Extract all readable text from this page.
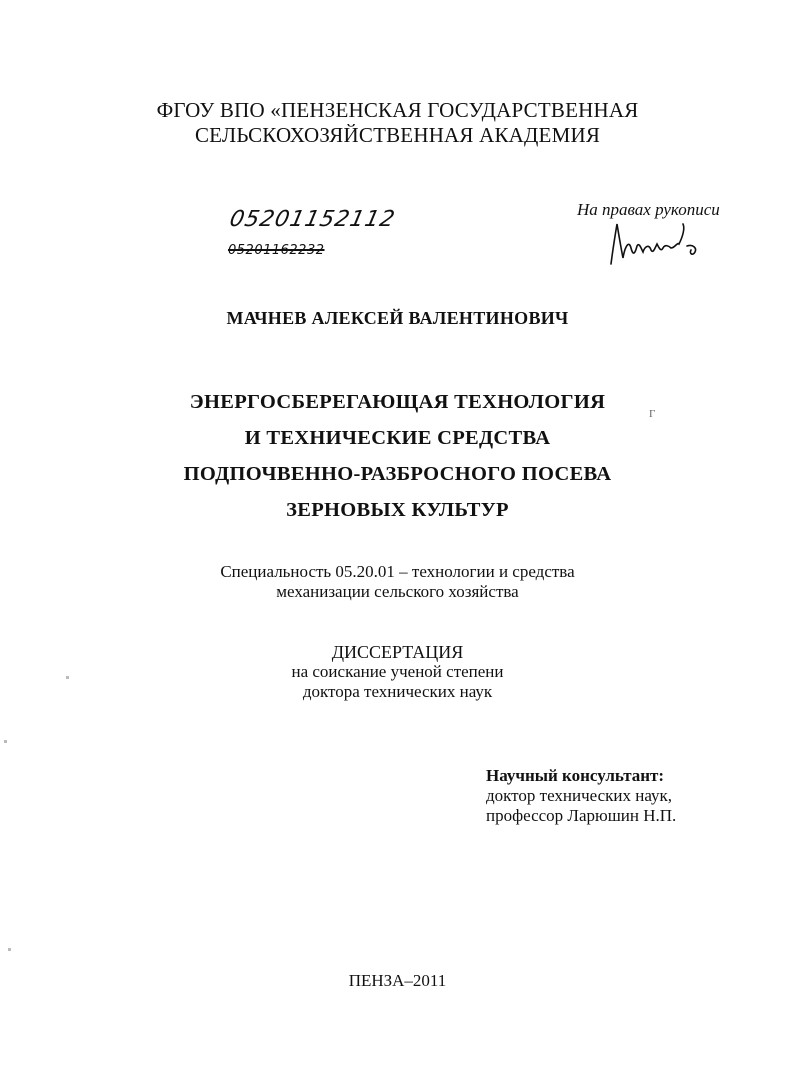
ФГОУ ВПО «ПЕНЗЕНСКАЯ ГОСУДАРСТВЕННАЯ
СЕЛЬСКОХОЗЯЙСТВЕННАЯ АКАДЕМИЯ
05201152112
05201162232
На правах рукописи
МАЧНЕВ АЛЕКСЕЙ ВАЛЕНТИНОВИЧ
ЭНЕРГОСБЕРЕГАЮЩАЯ ТЕХНОЛОГИЯ
И ТЕХНИЧЕСКИЕ СРЕДСТВА
ПОДПОЧВЕННО-РАЗБРОСНОГО ПОСЕВА
ЗЕРНОВЫХ КУЛЬТУР
Г
Специальность 05.20.01 – технологии и средства
механизации сельского хозяйства
ДИССЕРТАЦИЯ
на соискание ученой степени
доктора технических наук
Научный консультант:
доктор технических наук,
профессор Ларюшин Н.П.
ПЕНЗА–2011
